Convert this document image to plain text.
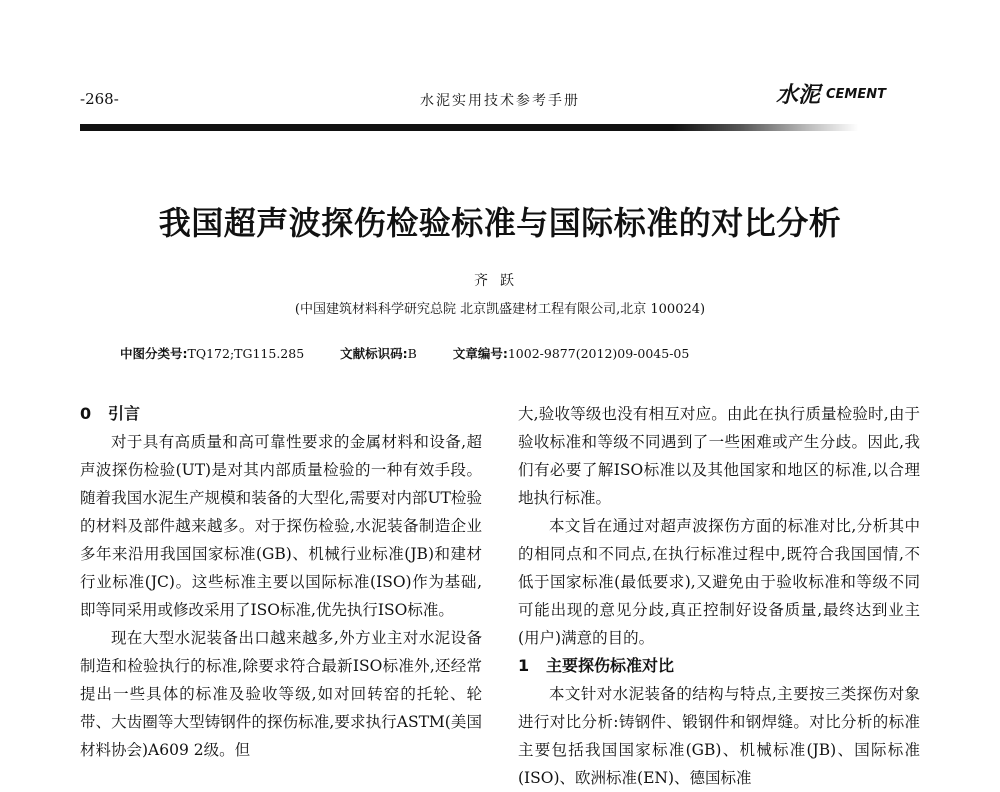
-268-	水泥实用技术参考手册	水泥 CEMENT
我国超声波探伤检验标准与国际标准的对比分析
齐跃
(中国建筑材料科学研究总院 北京凯盛建材工程有限公司,北京 100024)
中图分类号:TQ172;TG115.285	文献标识码:B	文章编号:1002-9877(2012)09-0045-05
0 引言

对于具有高质量和高可靠性要求的金属材料和设备,超声波探伤检验(UT)是对其内部质量检验的一种有效手段。随着我国水泥生产规模和装备的大型化,需要对内部UT检验的材料及部件越来越多。对于探伤检验,水泥装备制造企业多年来沿用我国国家标准(GB)、机械行业标准(JB)和建材行业标准(JC)。这些标准主要以国际标准(ISO)作为基础,即等同采用或修改采用了ISO标准,优先执行ISO标准。

现在大型水泥装备出口越来越多,外方业主对水泥设备制造和检验执行的标准,除要求符合最新ISO标准外,还经常提出一些具体的标准及验收等级,如对回转窑的托轮、轮带、大齿圈等大型铸钢件的探伤标准,要求执行ASTM(美国材料协会)A609 2级。但

大,验收等级也没有相互对应。由此在执行质量检验时,由于验收标准和等级不同遇到了一些困难或产生分歧。因此,我们有必要了解ISO标准以及其他国家和地区的标准,以合理地执行标准。

本文旨在通过对超声波探伤方面的标准对比,分析其中的相同点和不同点,在执行标准过程中,既符合我国国情,不低于国家标准(最低要求),又避免由于验收标准和等级不同可能出现的意见分歧,真正控制好设备质量,最终达到业主(用户)满意的目的。

1 主要探伤标准对比

本文针对水泥装备的结构与特点,主要按三类探伤对象进行对比分析:铸钢件、锻钢件和钢焊缝。对比分析的标准主要包括我国国家标准(GB)、机械标准(JB)、国际标准(ISO)、欧洲标准(EN)、德国标准
